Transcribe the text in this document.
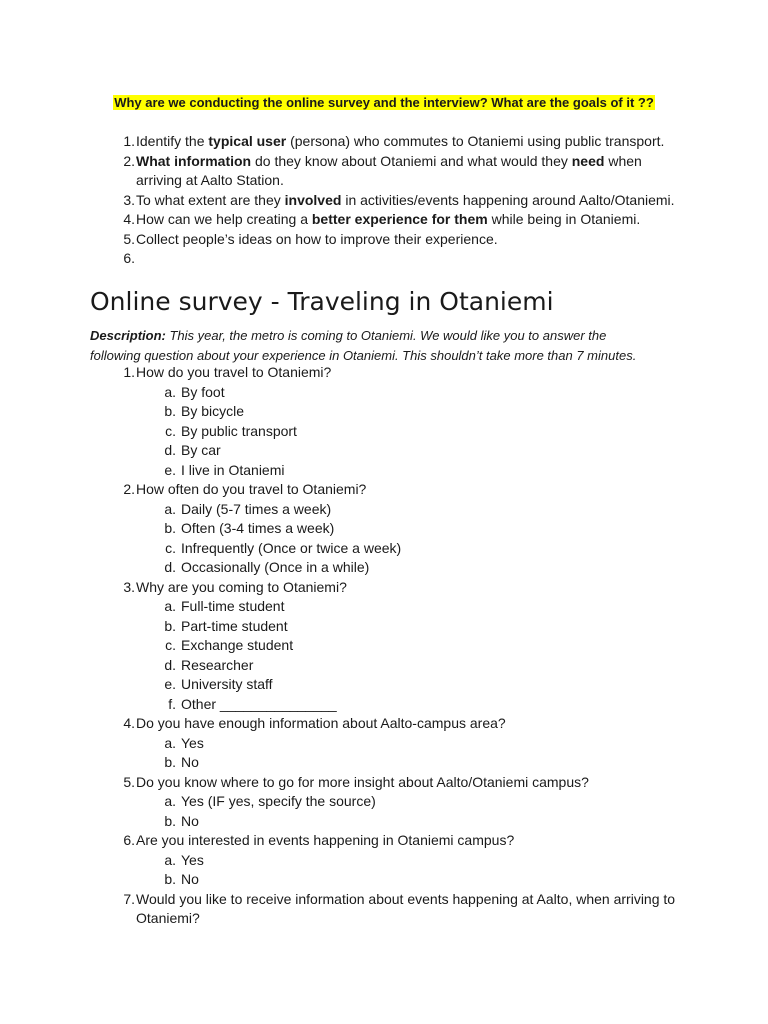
Why are we conducting the online survey and the interview? What are the goals of it ??
1. Identify the typical user (persona) who commutes to Otaniemi using public transport.
2. What information do they know about Otaniemi and what would they need when
arriving at Aalto Station.
3. To what extent are they involved in activities/events happening around Aalto/Otaniemi.
4. How can we help creating a better experience for them while being in Otaniemi.
5. Collect people’s ideas on how to improve their experience.
6.
Online survey - Traveling in Otaniemi
Description: This year, the metro is coming to Otaniemi. We would like you to answer the
following question about your experience in Otaniemi. This shouldn’t take more than 7 minutes.
1. How do you travel to Otaniemi?
a. By foot
b. By bicycle
c. By public transport
d. By car
e. I live in Otaniemi
2. How often do you travel to Otaniemi?
a. Daily (5-7 times a week)
b. Often (3-4 times a week)
c. Infrequently (Once or twice a week)
d. Occasionally (Once in a while)
3. Why are you coming to Otaniemi?
a. Full-time student
b. Part-time student
c. Exchange student
d. Researcher
e. University staff
f. Other _______________
4. Do you have enough information about Aalto-campus area?
a. Yes
b. No
5. Do you know where to go for more insight about Aalto/Otaniemi campus?
a. Yes (IF yes, specify the source)
b. No
6. Are you interested in events happening in Otaniemi campus?
a. Yes
b. No
7. Would you like to receive information about events happening at Aalto, when arriving to
Otaniemi?
